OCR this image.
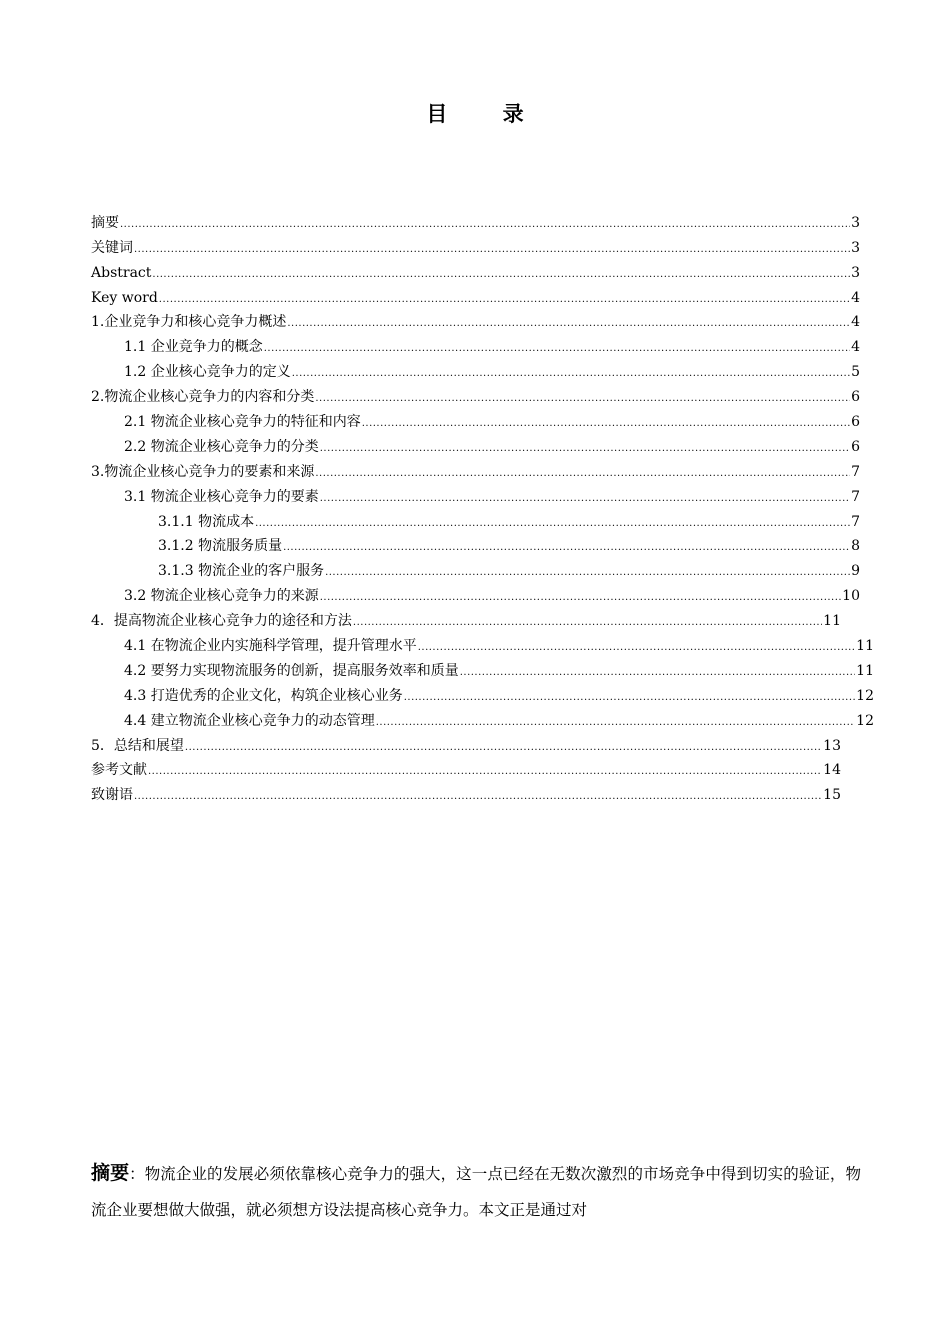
目 录
摘要 .....	3
关键词 .....	3
Abstract .....	3
Key word .....	4
1.企业竞争力和核心竞争力概述 .....	4
1.1 企业竞争力的概念 .....	4
1.2 企业核心竞争力的定义 .....	5
2.物流企业核心竞争力的内容和分类 .....	6
2.1 物流企业核心竞争力的特征和内容 .....	6
2.2 物流企业核心竞争力的分类 .....	6
3.物流企业核心竞争力的要素和来源 .....	7
3.1 物流企业核心竞争力的要素 .....	7
3.1.1 物流成本 .....	7
3.1.2 物流服务质量 .....	8
3.1.3 物流企业的客户服务 .....	9
3.2 物流企业核心竞争力的来源 .....	10
4．提高物流企业核心竞争力的途径和方法 .....	11
4.1 在物流企业内实施科学管理，提升管理水平 .....	11
4.2 要努力实现物流服务的创新，提高服务效率和质量 .....	11
4.3 打造优秀的企业文化，构筑企业核心业务 .....	12
4.4 建立物流企业核心竞争力的动态管理 .....	12
5．总结和展望 .....	13
参考文献 .....	14
致谢语 .....	15
摘要：物流企业的发展必须依靠核心竞争力的强大，这一点已经在无数次激烈的市场竞争中得到切实的验证，物流企业要想做大做强，就必须想方设法提高核心竞争力。本文正是通过对
